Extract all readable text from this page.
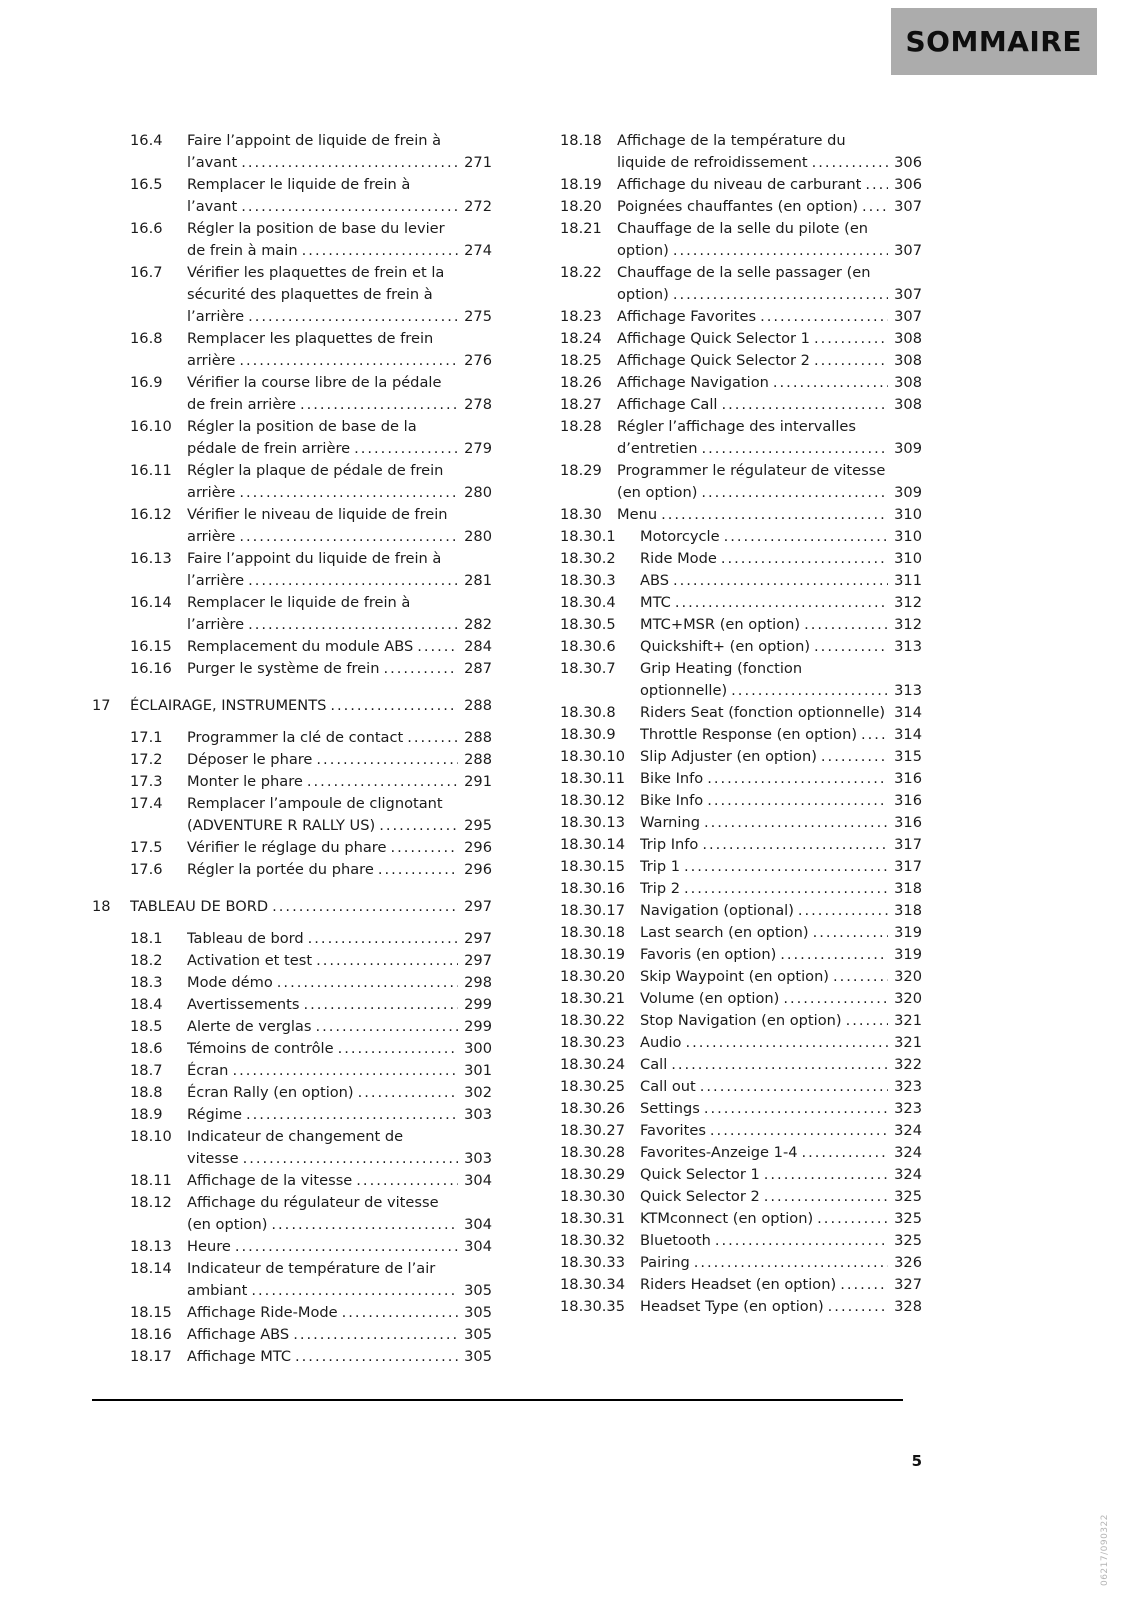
SOMMAIRE
16.4	Faire l’appoint de liquide de frein à l’avant .....	271
16.5	Remplacer le liquide de frein à l’avant .....	272
16.6	Régler la position de base du levier de frein à main .....	274
16.7	Vérifier les plaquettes de frein et la sécurité des plaquettes de frein à l’arrière .....	275
16.8	Remplacer les plaquettes de frein arrière .....	276
16.9	Vérifier la course libre de la pédale de frein arrière .....	278
16.10	Régler la position de base de la pédale de frein arrière .....	279
16.11	Régler la plaque de pédale de frein arrière .....	280
16.12	Vérifier le niveau de liquide de frein arrière .....	280
16.13	Faire l’appoint du liquide de frein à l’arrière .....	281
16.14	Remplacer le liquide de frein à l’arrière .....	282
16.15	Remplacement du module ABS .....	284
16.16	Purger le système de frein .....	287
17	ÉCLAIRAGE, INSTRUMENTS .....	288
17.1	Programmer la clé de contact .....	288
17.2	Déposer le phare .....	288
17.3	Monter le phare .....	291
17.4	Remplacer l’ampoule de clignotant (ADVENTURE R RALLY US) .....	295
17.5	Vérifier le réglage du phare .....	296
17.6	Régler la portée du phare .....	296
18	TABLEAU DE BORD .....	297
18.1	Tableau de bord .....	297
18.2	Activation et test .....	297
18.3	Mode démo .....	298
18.4	Avertissements .....	299
18.5	Alerte de verglas .....	299
18.6	Témoins de contrôle .....	300
18.7	Écran .....	301
18.8	Écran Rally (en option) .....	302
18.9	Régime .....	303
18.10	Indicateur de changement de vitesse .....	303
18.11	Affichage de la vitesse .....	304
18.12	Affichage du régulateur de vitesse (en option) .....	304
18.13	Heure .....	304
18.14	Indicateur de température de l’air ambiant .....	305
18.15	Affichage Ride-Mode .....	305
18.16	Affichage ABS .....	305
18.17	Affichage MTC .....	305
18.18	Affichage de la température du liquide de refroidissement .....	306
18.19	Affichage du niveau de carburant .....	306
18.20	Poignées chauffantes (en option) .....	307
18.21	Chauffage de la selle du pilote (en option) .....	307
18.22	Chauffage de la selle passager (en option) .....	307
18.23	Affichage Favorites .....	307
18.24	Affichage Quick Selector 1 .....	308
18.25	Affichage Quick Selector 2 .....	308
18.26	Affichage Navigation .....	308
18.27	Affichage Call .....	308
18.28	Régler l’affichage des intervalles d’entretien .....	309
18.29	Programmer le régulateur de vitesse (en option) .....	309
18.30	Menu .....	310
18.30.1	Motorcycle .....	310
18.30.2	Ride Mode .....	310
18.30.3	ABS .....	311
18.30.4	MTC .....	312
18.30.5	MTC+MSR (en option) .....	312
18.30.6	Quickshift+ (en option) .....	313
18.30.7	Grip Heating (fonction optionnelle) .....	313
18.30.8	Riders Seat (fonction optionnelle) ..... 314
18.30.9	Throttle Response (en option) .....	314
18.30.10	Slip Adjuster (en option) .....	315
18.30.11	Bike Info .....	316
18.30.12	Bike Info .....	316
18.30.13	Warning .....	316
18.30.14	Trip Info .....	317
18.30.15	Trip 1 .....	317
18.30.16	Trip 2 .....	318
18.30.17	Navigation (optional) .....	318
18.30.18	Last search (en option) .....	319
18.30.19	Favoris (en option) .....	319
18.30.20	Skip Waypoint (en option) .....	320
18.30.21	Volume (en option) .....	320
18.30.22	Stop Navigation (en option) .....	321
18.30.23	Audio .....	321
18.30.24	Call .....	322
18.30.25	Call out .....	323
18.30.26	Settings .....	323
18.30.27	Favorites .....	324
18.30.28	Favorites-Anzeige 1-4 .....	324
18.30.29	Quick Selector 1 .....	324
18.30.30	Quick Selector 2 .....	325
18.30.31	KTMconnect (en option) .....	325
18.30.32	Bluetooth .....	325
18.30.33	Pairing .....	326
18.30.34	Riders Headset (en option) .....	327
18.30.35	Headset Type (en option) .....	328
5
06217/090322
